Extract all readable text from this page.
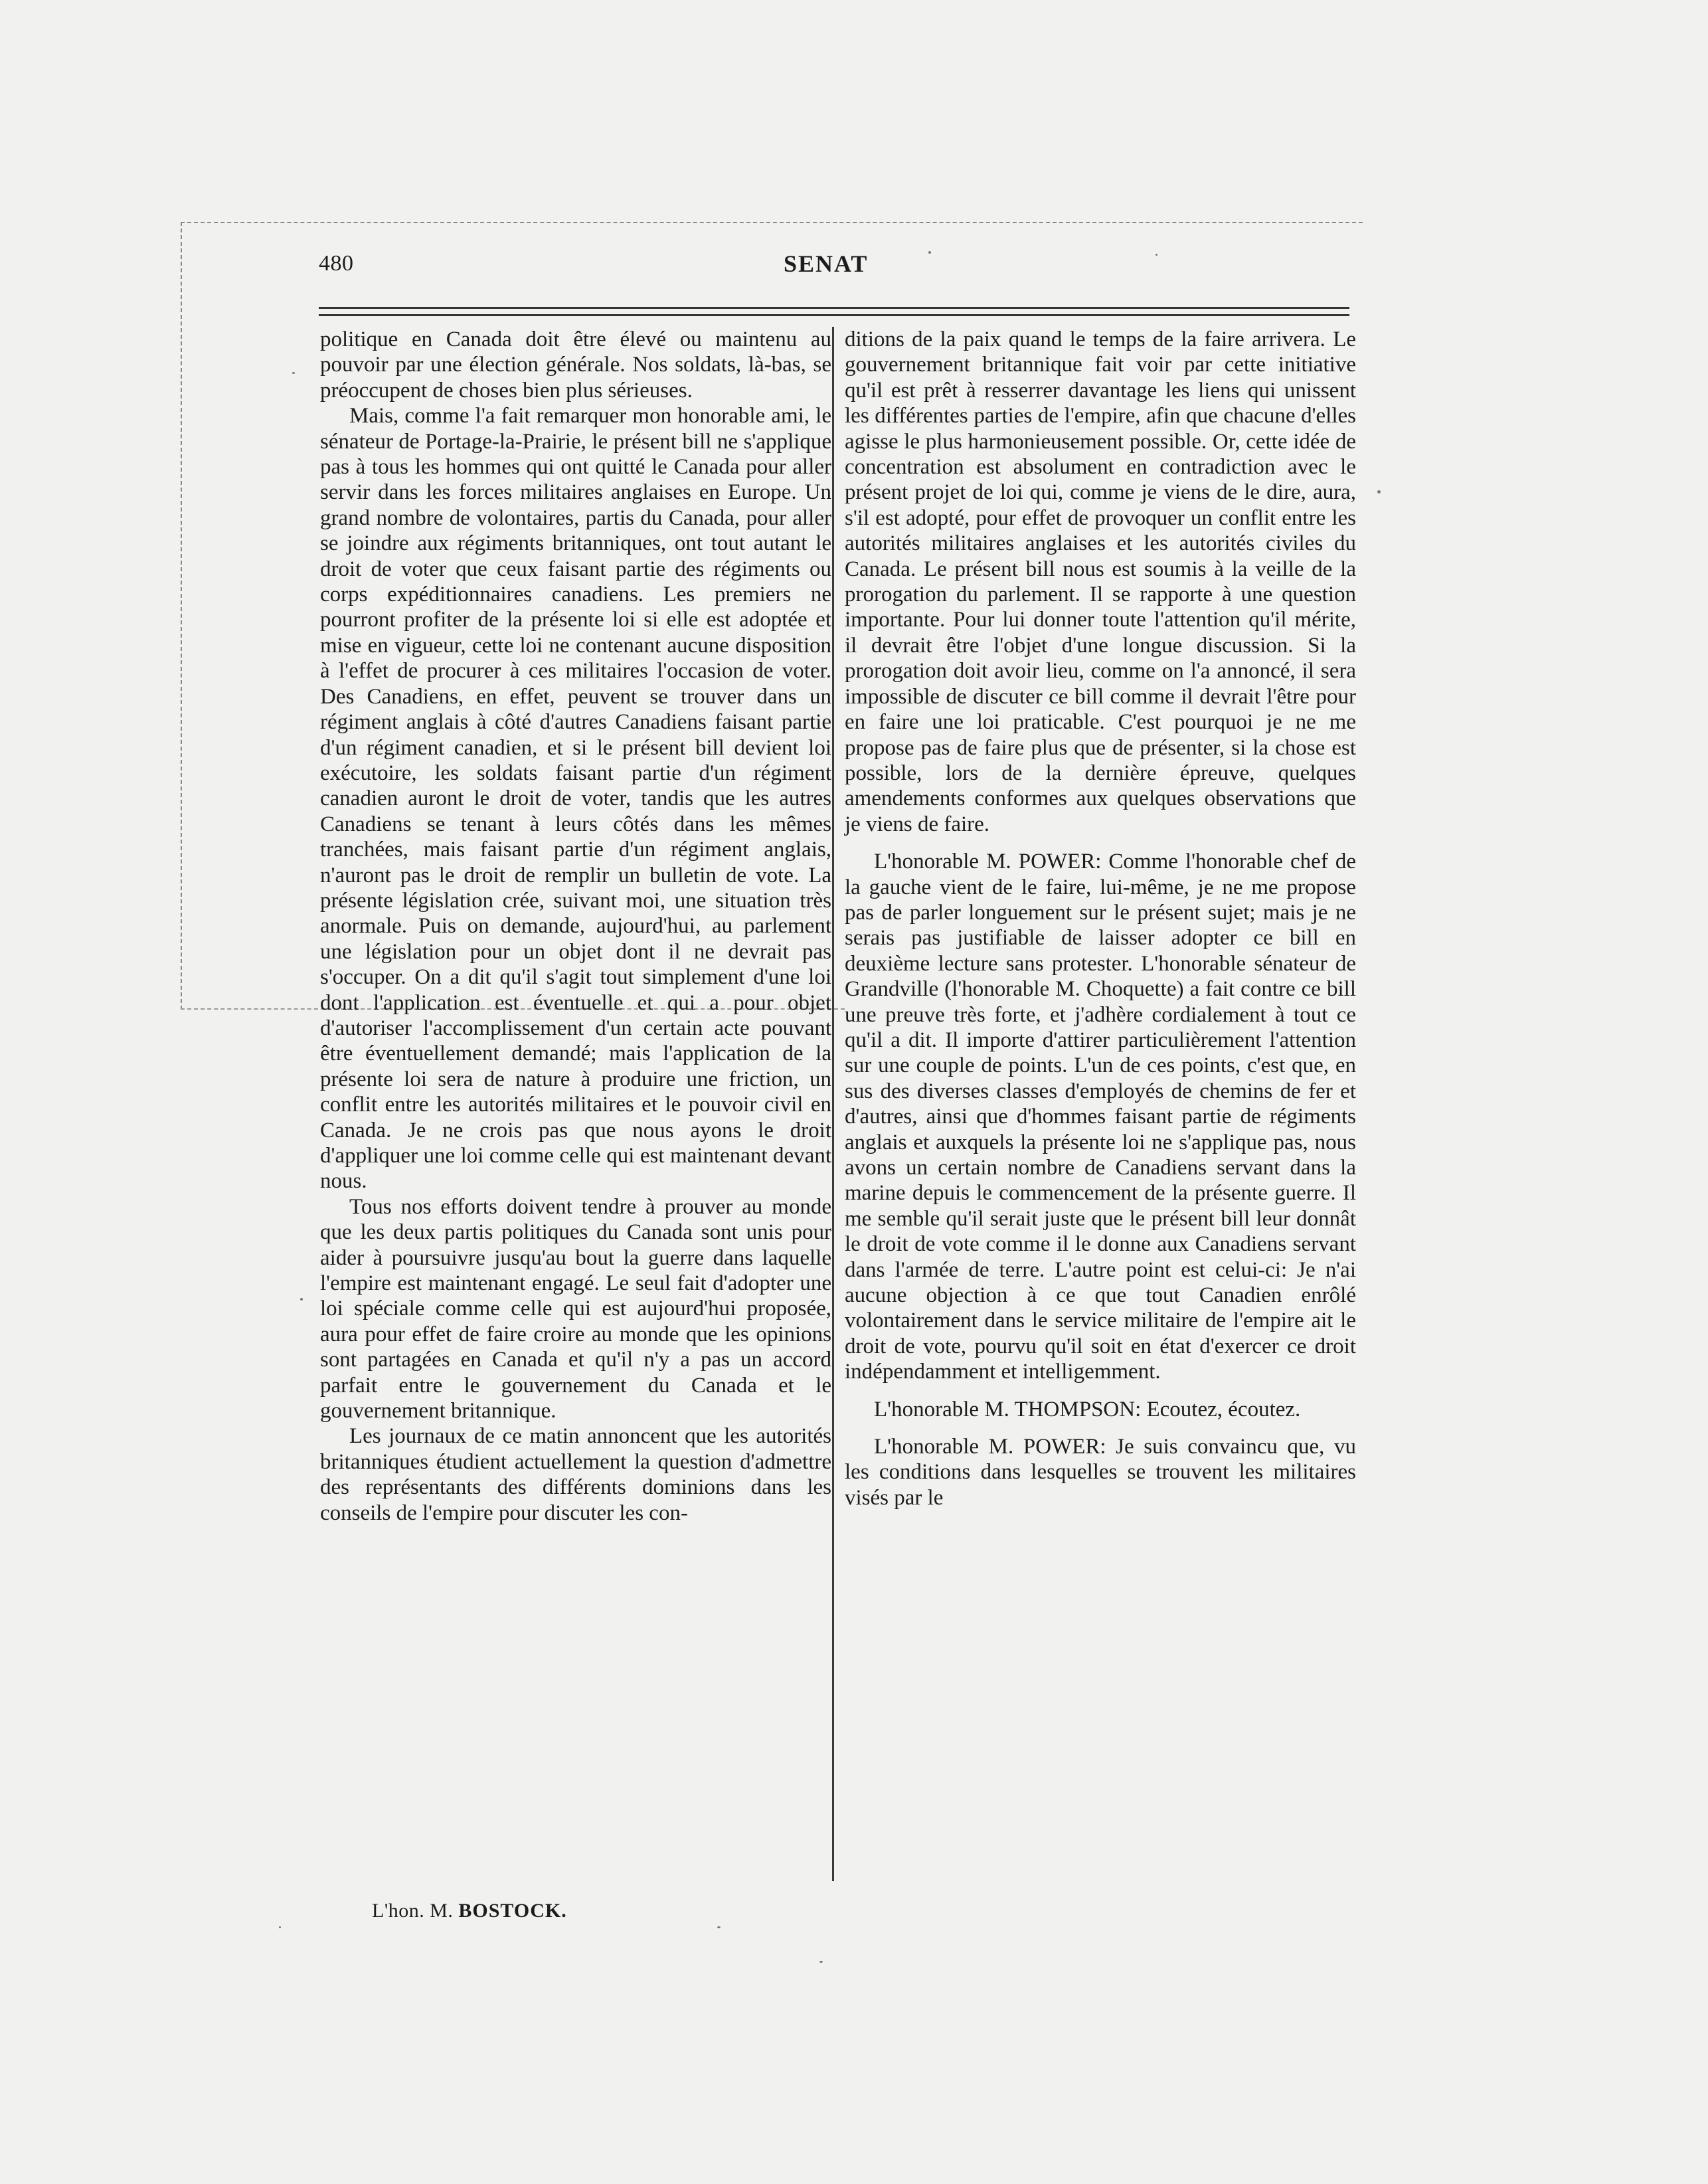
480	SENAT

politique en Canada doit être élevé ou maintenu au pouvoir par une élection générale. Nos soldats, là-bas, se préoccupent de choses bien plus sérieuses.

Mais, comme l'a fait remarquer mon honorable ami, le sénateur de Portage-la-Prairie, le présent bill ne s'applique pas à tous les hommes qui ont quitté le Canada pour aller servir dans les forces militaires anglaises en Europe. Un grand nombre de volontaires, partis du Canada, pour aller se joindre aux régiments britanniques, ont tout autant le droit de voter que ceux faisant partie des régiments ou corps expéditionnaires canadiens. Les premiers ne pourront profiter de la présente loi si elle est adoptée et mise en vigueur, cette loi ne contenant aucune disposition à l'effet de procurer à ces militaires l'occasion de voter. Des Canadiens, en effet, peuvent se trouver dans un régiment anglais à côté d'autres Canadiens faisant partie d'un régiment canadien, et si le présent bill devient loi exécutoire, les soldats faisant partie d'un régiment canadien auront le droit de voter, tandis que les autres Canadiens se tenant à leurs côtés dans les mêmes tranchées, mais faisant partie d'un régiment anglais, n'auront pas le droit de remplir un bulletin de vote. La présente législation crée, suivant moi, une situation très anormale. Puis on demande, aujourd'hui, au parlement une législation pour un objet dont il ne devrait pas s'occuper. On a dit qu'il s'agit tout simplement d'une loi dont l'application est éventuelle et qui a pour objet d'autoriser l'accomplissement d'un certain acte pouvant être éventuellement demandé; mais l'application de la présente loi sera de nature à produire une friction, un conflit entre les autorités militaires et le pouvoir civil en Canada. Je ne crois pas que nous ayons le droit d'appliquer une loi comme celle qui est maintenant devant nous.

Tous nos efforts doivent tendre à prouver au monde que les deux partis politiques du Canada sont unis pour aider à poursuivre jusqu'au bout la guerre dans laquelle l'empire est maintenant engagé. Le seul fait d'adopter une loi spéciale comme celle qui est aujourd'hui proposée, aura pour effet de faire croire au monde que les opinions sont partagées en Canada et qu'il n'y a pas un accord parfait entre le gouvernement du Canada et le gouvernement britannique.

Les journaux de ce matin annoncent que les autorités britanniques étudient actuellement la question d'admettre des représentants des différents dominions dans les conseils de l'empire pour discuter les con-

ditions de la paix quand le temps de la faire arrivera. Le gouvernement britannique fait voir par cette initiative qu'il est prêt à resserrer davantage les liens qui unissent les différentes parties de l'empire, afin que chacune d'elles agisse le plus harmonieusement possible. Or, cette idée de concentration est absolument en contradiction avec le présent projet de loi qui, comme je viens de le dire, aura, s'il est adopté, pour effet de provoquer un conflit entre les autorités militaires anglaises et les autorités civiles du Canada. Le présent bill nous est soumis à la veille de la prorogation du parlement. Il se rapporte à une question importante. Pour lui donner toute l'attention qu'il mérite, il devrait être l'objet d'une longue discussion. Si la prorogation doit avoir lieu, comme on l'a annoncé, il sera impossible de discuter ce bill comme il devrait l'être pour en faire une loi praticable. C'est pourquoi je ne me propose pas de faire plus que de présenter, si la chose est possible, lors de la dernière épreuve, quelques amendements conformes aux quelques observations que je viens de faire.

L'honorable M. POWER: Comme l'honorable chef de la gauche vient de le faire, lui-même, je ne me propose pas de parler longuement sur le présent sujet; mais je ne serais pas justifiable de laisser adopter ce bill en deuxième lecture sans protester. L'honorable sénateur de Grandville (l'honorable M. Choquette) a fait contre ce bill une preuve très forte, et j'adhère cordialement à tout ce qu'il a dit. Il importe d'attirer particulièrement l'attention sur une couple de points. L'un de ces points, c'est que, en sus des diverses classes d'employés de chemins de fer et d'autres, ainsi que d'hommes faisant partie de régiments anglais et auxquels la présente loi ne s'applique pas, nous avons un certain nombre de Canadiens servant dans la marine depuis le commencement de la présente guerre. Il me semble qu'il serait juste que le présent bill leur donnât le droit de vote comme il le donne aux Canadiens servant dans l'armée de terre. L'autre point est celui-ci: Je n'ai aucune objection à ce que tout Canadien enrôlé volontairement dans le service militaire de l'empire ait le droit de vote, pourvu qu'il soit en état d'exercer ce droit indépendamment et intelligemment.

L'honorable M. THOMPSON: Ecoutez, écoutez.

L'honorable M. POWER: Je suis convaincu que, vu les conditions dans lesquelles se trouvent les militaires visés par le

L'hon. M. BOSTOCK.
